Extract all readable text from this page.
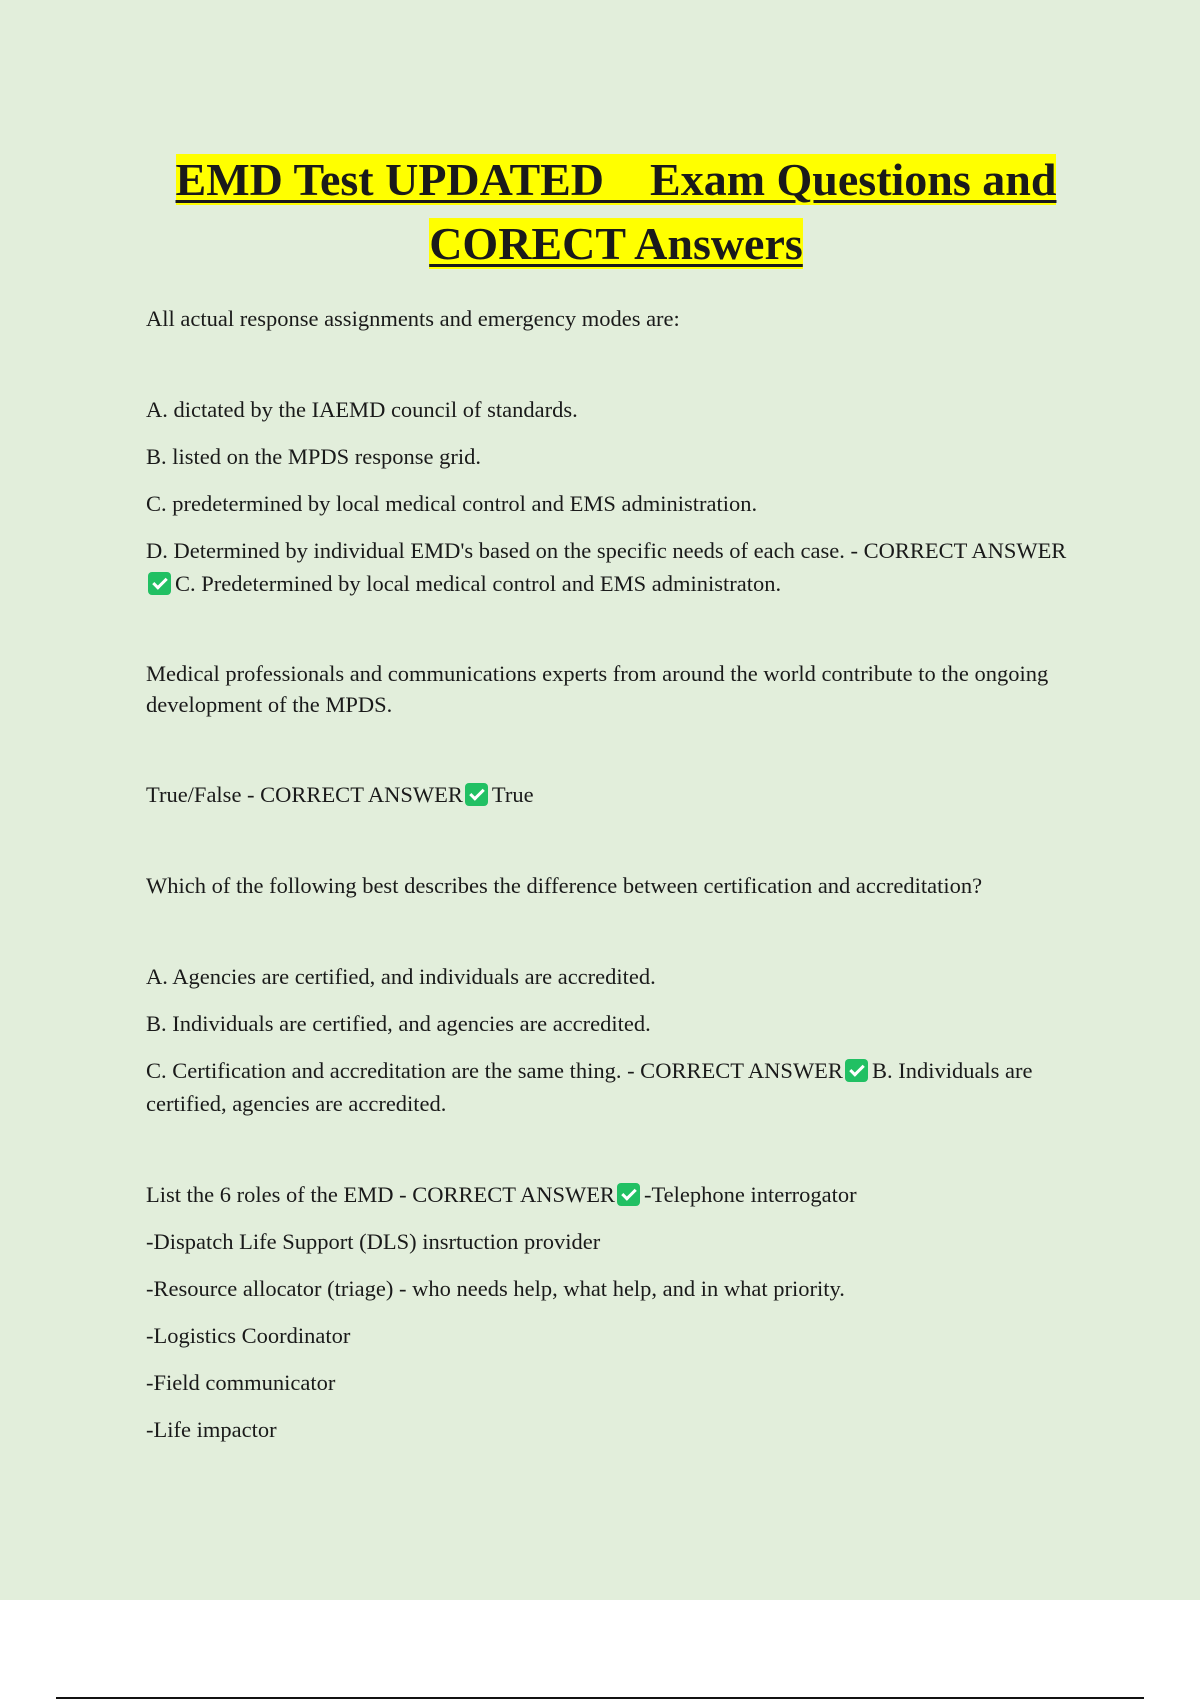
EMD Test UPDATED    Exam Questions and
CORECT Answers

All actual response assignments and emergency modes are:

A. dictated by the IAEMD council of standards.

B. listed on the MPDS response grid.

C. predetermined by local medical control and EMS administration.

D. Determined by individual EMD's based on the specific needs of each case. - CORRECT ANSWERC. Predetermined by local medical control and EMS administraton.

Medical professionals and communications experts from around the world contribute to the ongoing development of the MPDS.

True/False - CORRECT ANSWER True

Which of the following best describes the difference between certification and accreditation?

A. Agencies are certified, and individuals are accredited.

B. Individuals are certified, and agencies are accredited.

C. Certification and accreditation are the same thing. - CORRECT ANSWER B. Individuals are certified, agencies are accredited.

List the 6 roles of the EMD - CORRECT ANSWER -Telephone interrogator

-Dispatch Life Support (DLS) insrtuction provider

-Resource allocator (triage) - who needs help, what help, and in what priority.

-Logistics Coordinator

-Field communicator

-Life impactor
